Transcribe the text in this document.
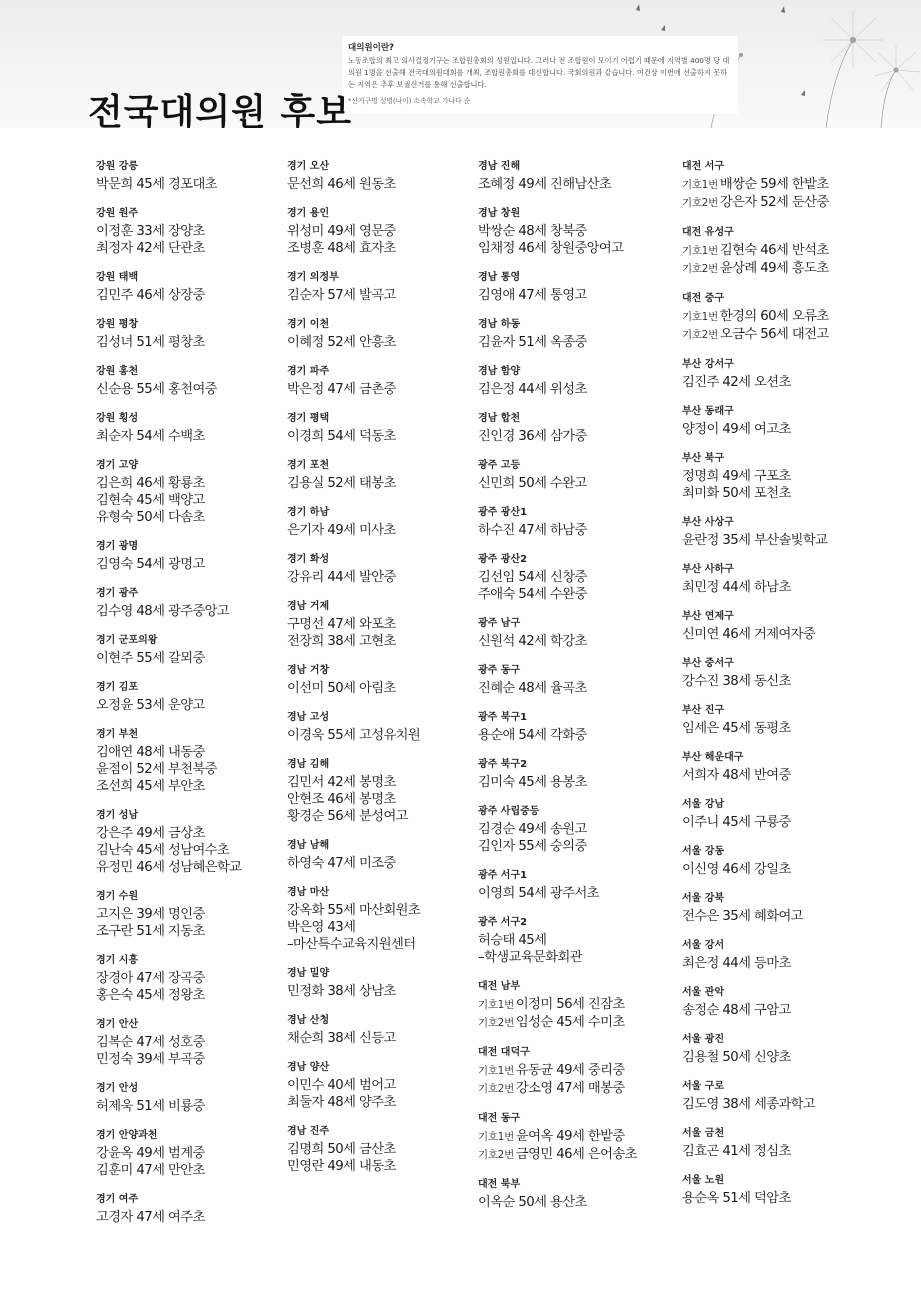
대의원이란?

노동조합의 최고 의사결정기구는 조합원총회의 성원입니다. 그러나 전 조합원이 모이기 어렵기 때문에 지역별 400명 당 대의원 1명을 선출해 전국대의원대회를 개최, 조합원총회를 대신합니다. 국회의원과 같습니다. 여건상 이번에 선출하지 못하는 지역은 추후 보궐선거를 통해 선출합니다.

*선거구명 성명(나이) 소속학교 가나다 순
전국대의원 후보
강원 강릉
박문희 45세 경포대초
강원 원주
이정훈 33세 장양초
최정자 42세 단관초
강원 태백
김민주 46세 상장중
강원 평창
김성녀 51세 평창초
강원 홍천
신순용 55세 홍천여중
강원 횡성
최순자 54세 수백초
경기 고양
김은희 46세 황룡초
김현숙 45세 백양고
유형숙 50세 다솜초
경기 광명
김영숙 54세 광명고
경기 광주
김수영 48세 광주중앙고
경기 군포의왕
이현주 55세 갈뫼중
경기 김포
오정윤 53세 운양고
경기 부천
김애연 48세 내동중
윤점이 52세 부천북중
조선희 45세 부안초
경기 성남
강은주 49세 금상초
김난숙 45세 성남여수초
유정민 46세 성남혜은학교
경기 수원
고지은 39세 명인중
조구란 51세 지동초
경기 시흥
장경아 47세 장곡중
홍은숙 45세 정왕초
경기 안산
김복순 47세 성호중
민정숙 39세 부곡중
경기 안성
허제욱 51세 비룡중
경기 안양과천
강윤옥 49세 범계중
김훈미 47세 만안초
경기 여주
고경자 47세 여주초
경기 오산
문선희 46세 원동초
경기 용인
위성미 49세 영문중
조병훈 48세 효자초
경기 의정부
김순자 57세 발곡고
경기 이천
이혜정 52세 안흥초
경기 파주
박은정 47세 금촌중
경기 평택
이경희 54세 덕동초
경기 포천
김용실 52세 태봉초
경기 하남
은기자 49세 미사초
경기 화성
강유리 44세 발안중
경남 거제
구명선 47세 와포초
전장희 38세 고현초
경남 거창
이선미 50세 아림초
경남 고성
이경욱 55세 고성유치원
경남 김해
김민서 42세 봉명초
안현조 46세 봉명초
황경순 56세 분성여고
경남 남해
하영숙 47세 미조중
경남 마산
강옥화 55세 마산회원초
박은영 43세
–마산특수교육지원센터
경남 밀양
민정화 38세 상남초
경남 산청
채순희 38세 신등고
경남 양산
이민수 40세 범어고
최둘자 48세 양주초
경남 진주
김명희 50세 금산초
민영란 49세 내동초
경남 진해
조혜정 49세 진해남산초
경남 창원
박쌍순 48세 창북중
임채정 46세 창원중앙여고
경남 통영
김영애 47세 통영고
경남 하동
김윤자 51세 옥종중
경남 함양
김은정 44세 위성초
경남 합천
진인경 36세 삼가중
광주 고등
신민희 50세 수완고
광주 광산1
하수진 47세 하남중
광주 광산2
김선임 54세 신창중
주애숙 54세 수완중
광주 남구
신원석 42세 학강초
광주 동구
진혜순 48세 율곡초
광주 북구1
용순애 54세 각화중
광주 북구2
김미숙 45세 용봉초
광주 사립중등
김경순 49세 송원고
김인자 55세 숭의중
광주 서구1
이영희 54세 광주서초
광주 서구2
허승태 45세
–학생교육문화회관
대전 남부
기호1번 이정미 56세 진잠초
기호2번 임성순 45세 수미초
대전 대덕구
기호1번 유동균 49세 중리중
기호2번 강소영 47세 매봉중
대전 동구
기호1번 윤여옥 49세 한밭중
기호2번 금영민 46세 은어송초
대전 북부
이옥순 50세 용산초
대전 서구
기호1번 배쌍순 59세 한밭초
기호2번 강은자 52세 둔산중
대전 유성구
기호1번 김현숙 46세 반석초
기호2번 윤상례 49세 흥도초
대전 중구
기호1번 한경의 60세 오류초
기호2번 오금수 56세 대전고
부산 강서구
김진주 42세 오션초
부산 동래구
양정이 49세 여고초
부산 북구
정명희 49세 구포초
최미화 50세 포천초
부산 사상구
윤란정 35세 부산솔빛학교
부산 사하구
최민정 44세 하남초
부산 연제구
신미연 46세 거제여자중
부산 중서구
강수진 38세 동신초
부산 진구
임세은 45세 동평초
부산 해운대구
서희자 48세 반여중
서울 강남
이주니 45세 구룡중
서울 강동
이신영 46세 강일초
서울 강북
전수은 35세 혜화여고
서울 강서
최은정 44세 등마초
서울 관악
송정순 48세 구암고
서울 광진
김용철 50세 신양초
서울 구로
김도영 38세 세종과학고
서울 금천
김효곤 41세 정심초
서울 노원
용순옥 51세 덕암초
